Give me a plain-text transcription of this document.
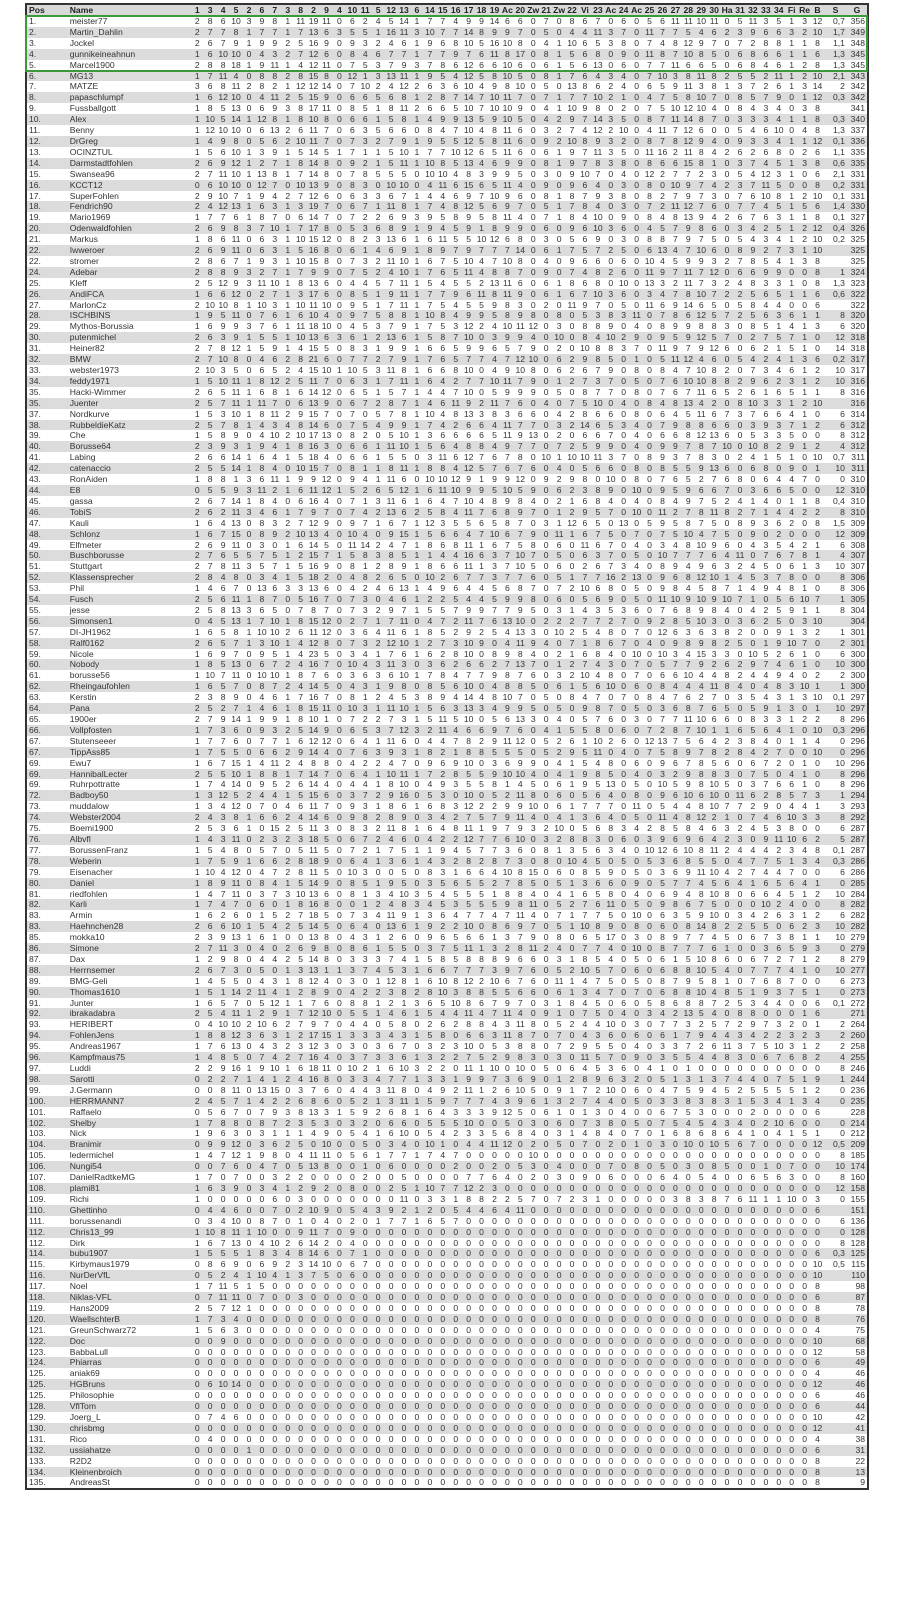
Pos	Name	1	3	4	5	2	6	7	3	8	2	9	4	10	11	5	12	13	6	14	15	16	17	18	19	Ac	20	Zw	21	Zw	22	Vi	23	Ac	24	Ac	25	26	27	28	29	30	Ha	31	32	33	34	Fi	Re	B	S	G
1.	meister77	2	8	6	10	3	9	8	1	11	19	11	0	6	2	4	5	14	1	7	7	4	9	9	14	6	6	0	7	0	8	6	7	0	6	0	5	6	11	11	10	11	0	5	11	3	5	1	3	12	0,7	356
2.	Martin_Dahlin	2	7	7	8	1	7	7	1	7	13	6	3	5	5	1	16	11	3	10	7	7	14	8	9	9	7	0	5	0	4	4	11	3	7	0	11	7	7	5	4	6	2	3	9	6	6	3	2	10	1,7	349
3.	Jockel	2	6	7	9	1	9	9	2	5	16	9	0	9	3	2	4	6	1	9	6	8	10	5	16	10	8	0	4	1	10	6	5	3	8	0	7	4	8	12	9	7	0	7	2	8	8	1	1	8	1,1	348
4.	gunnikeineahnun	1	6	10	10	0	4	3	2	7	12	6	0	8	4	6	7	7	1	7	7	9	7	6	11	8	17	0	8	1	5	6	8	0	9	0	11	8	7	10	8	5	0	6	8	6	6	1	1	6	1,3	345
5.	Marcel1900	2	8	8	18	1	9	11	1	4	12	11	0	7	5	3	7	9	3	7	8	6	12	6	6	10	6	0	6	1	5	6	13	0	6	0	7	7	11	6	6	5	0	6	8	4	6	1	2	8	1,3	345
6.	MG13	1	7	11	4	0	8	8	2	8	15	8	0	12	1	3	13	11	1	9	5	4	12	5	8	10	5	0	8	1	7	6	4	3	4	0	7	10	3	8	11	8	2	5	5	2	11	1	2	10	2,1	343
7.	MATZE	3	6	8	11	2	8	2	1	12	12	14	0	7	10	2	4	12	2	6	3	6	10	4	9	8	10	0	5	0	13	8	6	2	4	0	6	5	9	11	3	8	1	3	7	2	6	1	3	14	2	342
8.	papaschlumpf	1	6	12	10	0	4	11	2	5	15	9	0	6	6	5	6	8	1	2	8	7	14	7	10	11	7	0	7	1	7	7	10	2	1	0	4	7	5	8	10	7	0	8	5	7	9	0	1	12	0,3	342
9.	Fussballgott	1	8	5	13	0	6	9	3	8	17	11	0	8	5	1	8	11	2	6	6	5	10	7	10	10	9	0	4	1	10	9	8	0	2	0	7	5	10	12	10	4	0	8	4	3	4	0	3	8		341
10.	Alex	1	10	5	14	1	12	8	1	8	10	8	0	6	6	1	5	8	1	4	9	9	13	5	9	10	5	0	4	2	9	7	14	3	5	0	8	7	11	14	8	7	0	3	3	3	4	1	1	8	0,3	340
11.	Benny	1	12	10	10	0	6	13	2	6	11	7	0	6	3	5	6	6	0	8	4	7	10	4	8	11	6	0	3	2	7	4	12	2	10	0	4	11	7	12	6	0	0	5	4	6	10	0	4	8	1,3	337
12.	DrGreg	1	4	9	8	0	5	6	2	10	11	7	0	7	3	2	7	9	1	9	5	5	12	5	8	11	6	0	9	2	10	8	9	3	2	0	8	7	8	12	9	4	0	9	3	3	4	1	1	12	0,1	336
13.	OCINZTUL	1	5	6	10	1	3	9	1	5	14	5	1	7	1	1	5	10	1	7	7	10	12	6	5	11	6	0	6	1	9	7	11	3	5	0	11	16	2	11	8	4	2	6	2	6	8	0	2	6	1,1	335
14.	Darmstadtfohlen	2	6	9	12	1	2	7	1	8	14	8	0	9	2	1	5	11	1	10	8	5	13	4	6	9	9	0	8	1	9	7	8	3	8	0	8	6	6	15	8	1	0	3	7	4	5	1	3	8	0,6	335
15.	Swansea96	2	7	11	10	1	13	8	1	7	14	8	0	7	8	5	5	5	0	10	10	4	8	3	9	9	5	0	3	0	9	10	7	0	4	0	12	2	7	7	2	3	0	5	4	12	3	1	0	6	2,1	331
16.	KCCT12	0	6	10	10	0	12	7	0	10	13	9	0	8	3	0	10	10	0	4	11	6	15	6	5	11	4	0	9	0	9	6	4	0	3	0	8	0	10	9	7	4	2	3	7	11	5	0	0	8	0,2	331
17.	SuperFohlen	2	9	10	7	1	9	4	2	7	12	6	0	6	3	3	6	7	1	4	4	6	9	7	10	9	6	0	8	1	8	7	9	3	8	0	8	2	7	9	7	3	0	7	6	10	8	1	2	10	0,1	331
18.	Fendrich90	2	4	12	13	1	6	3	1	3	19	7	0	6	7	1	11	8	1	7	4	8	12	5	6	9	7	0	5	1	7	8	4	0	3	0	7	2	11	12	7	6	0	7	7	4	5	1	5	6	1,4	330
19.	Mario1969	1	7	7	6	1	8	7	0	6	14	7	0	7	2	2	6	9	3	9	5	8	9	5	8	11	4	0	7	1	8	4	10	0	9	0	8	4	8	13	9	4	2	6	7	6	3	1	1	8	0,1	327
20.	Odenwaldfohlen	2	6	9	8	3	7	10	1	7	17	8	0	5	3	6	8	9	1	9	4	5	9	1	8	9	9	0	6	0	9	6	10	3	6	0	4	5	7	9	8	6	0	3	4	2	5	1	2	12	0,4	326
21.	Markus	1	8	6	11	0	6	3	1	10	15	12	0	8	2	3	13	6	1	6	11	5	5	10	12	6	8	0	3	0	5	6	9	0	3	0	8	8	7	9	7	5	0	5	4	3	4	1	2	10	0,2	325
22.	Iwweroer	2	6	9	11	0	6	3	1	5	16	8	0	6	1	4	6	9	1	8	9	7	9	7	7	7	14	0	6	1	7	5	7	2	5	0	6	13	4	7	10	6	0	8	9	2	7	3	1	10		325
22.	stromer	2	8	6	7	1	9	3	1	10	15	8	0	7	3	2	11	10	1	6	7	5	10	4	7	10	8	0	4	0	9	6	6	0	6	0	10	4	5	9	9	3	2	7	8	5	4	1	3	8		325
24.	Adebar	2	8	8	9	3	2	7	1	7	9	9	0	7	5	2	4	10	1	7	6	5	11	4	8	8	7	0	9	0	7	4	8	2	6	0	11	9	7	11	7	12	0	6	6	9	9	0	0	8	1	324
25.	Kleff	2	5	12	9	3	11	10	1	8	13	6	0	4	4	5	7	11	1	5	4	5	5	2	13	11	6	0	6	1	8	6	8	0	10	0	13	3	2	11	7	3	2	4	8	3	3	1	0	8	1,3	323
26.	AndiFCA	1	6	6	12	0	2	7	1	3	17	6	0	8	5	1	9	11	1	7	7	9	6	11	8	11	9	0	6	1	6	7	10	3	6	0	3	4	7	8	10	7	2	2	5	6	5	1	1	6	0,6	322
27.	MarlonCz	2	10	10	8	1	10	3	1	10	11	10	0	9	5	1	7	11	1	7	5	4	5	5	9	8	3	0	2	0	11	9	7	0	5	0	11	6	9	14	6	5	0	5	8	4	4	0	0	6		322
28.	ISCHBINS	1	9	5	11	0	7	6	1	6	10	4	0	9	7	5	8	8	1	10	8	4	9	9	5	8	9	8	0	8	0	5	3	8	3	11	0	7	8	6	12	5	7	2	5	6	3	6	1	1	8	320
29.	Mythos-Borussia	1	6	9	9	3	7	6	1	11	18	10	0	4	5	3	7	9	1	7	5	3	12	2	4	10	11	12	0	3	0	8	8	9	0	4	0	8	9	9	8	8	3	0	8	5	1	4	1	3	6	320
30.	putenmichel	2	6	3	9	1	5	5	1	10	13	6	3	6	1	2	13	6	1	5	8	7	10	0	3	9	9	4	0	10	0	8	4	10	2	9	0	9	5	9	12	5	7	0	2	7	5	7	1	0	12	318
31.	Heiner82	2	7	8	12	1	5	9	1	4	15	5	0	8	3	1	9	9	1	6	6	5	9	9	6	5	7	9	0	2	0	10	8	8	3	7	0	11	9	7	9	12	6	0	6	2	1	5	1	0	14	318
32.	BMW	2	7	10	8	0	4	6	2	8	21	6	0	7	7	2	7	9	1	7	6	5	7	7	4	7	12	10	0	6	2	9	8	5	0	1	0	5	11	12	4	6	0	5	4	2	4	1	3	6	0,2	317
33.	webster1973	2	10	3	5	0	6	5	2	4	15	10	1	10	5	3	11	8	1	6	6	8	10	0	4	9	10	8	0	6	2	6	7	9	0	8	0	8	4	7	10	8	2	0	7	3	4	6	1	2	10	317
34.	feddy1971	1	5	10	11	1	8	12	2	5	11	7	0	6	3	1	7	11	1	6	4	2	7	7	10	11	7	9	0	1	2	7	3	7	0	5	0	7	6	10	10	8	8	2	9	6	2	3	1	2	10	316
35.	Hacki-Wimmer	2	6	5	11	1	6	8	1	6	14	12	0	6	5	1	5	7	1	4	4	7	10	0	5	9	9	9	0	5	0	8	7	7	0	8	0	7	6	7	11	6	5	2	6	1	6	5	1	1	8	316
35.	Juenter	2	5	7	11	1	11	7	0	6	13	9	0	6	7	2	8	7	1	4	6	11	9	2	11	7	6	0	4	0	7	5	10	0	4	0	8	4	8	13	4	2	0	8	10	3	3	1	2	10		316
37.	Nordkurve	1	5	3	10	1	8	11	2	9	15	7	0	7	0	5	7	8	1	10	4	8	13	3	8	3	6	6	0	4	2	8	6	6	0	8	0	6	4	5	11	6	7	3	7	6	6	4	1	0	6	314
38.	RubbeldieKatz	2	5	7	8	1	4	3	4	8	14	6	0	7	5	4	9	9	1	7	4	2	6	6	4	11	7	7	0	3	2	14	6	5	3	4	0	7	9	8	8	6	6	0	3	9	3	7	1	2	6	312
39.	Che	1	5	8	9	0	4	10	2	10	17	13	0	8	2	0	5	10	1	3	6	6	6	6	5	11	9	13	0	2	0	6	6	7	0	4	0	6	6	8	12	13	6	0	5	3	3	5	0	0	8	312
40.	Borusse64	2	3	9	3	1	9	4	1	8	16	3	0	6	6	1	11	10	1	5	6	4	8	8	4	9	7	7	0	7	2	5	9	9	0	4	0	9	9	7	8	7	10	0	10	8	2	9	1	2	4	312
41.	Labing	2	6	6	14	1	6	4	1	5	18	4	0	6	6	1	5	5	0	3	11	6	12	7	6	7	8	0	10	1	10	10	11	3	7	0	8	9	3	7	8	3	0	2	4	1	5	1	0	10	0,7	311
42.	catenaccio	2	5	5	14	1	8	4	0	10	15	7	0	8	1	1	8	11	1	8	8	4	12	5	7	6	7	6	0	4	0	5	6	6	0	8	0	8	5	5	9	13	6	0	6	8	0	9	0	1	10	311
43.	RonAiden	1	8	8	1	3	6	11	1	9	9	12	0	9	4	1	11	6	0	10	10	12	9	1	9	9	12	0	9	2	9	8	0	10	0	8	0	7	6	5	2	7	6	8	0	6	4	4	7	0	0	310
44.	E8	0	5	5	9	3	11	2	1	6	11	12	1	5	2	6	5	12	1	6	11	10	9	9	5	10	5	9	0	6	2	3	8	9	0	10	0	9	5	9	6	6	7	0	3	6	6	5	0	0	12	310
45.	gassa	2	6	7	14	1	8	4	0	6	16	4	0	7	1	3	11	6	1	6	4	7	10	4	8	9	8	4	0	2	1	6	8	4	0	4	0	8	4	9	7	5	2	4	1	4	0	1	1	8	0,4	310
46.	TobiS	2	6	2	11	3	4	6	1	7	9	7	0	7	4	2	13	6	2	5	8	4	11	7	6	8	9	7	0	1	2	9	5	7	0	10	0	11	2	7	8	11	8	2	7	1	4	4	2	2	8	310
47.	Kauli	1	6	4	13	0	8	3	2	7	12	9	0	9	7	1	6	7	1	12	3	5	5	6	5	8	7	0	3	1	12	6	5	0	13	0	5	9	5	8	7	5	0	8	9	3	6	2	0	8	1,5	309
48.	Schlonz	1	6	7	15	0	8	9	2	10	13	4	0	10	4	0	9	15	1	5	6	6	4	7	10	6	7	9	0	11	1	6	7	5	0	7	0	7	5	10	4	7	5	0	9	0	2	0	0	0	12	309
49.	Elfmeter	2	6	9	11	0	3	0	1	6	14	5	0	11	14	2	4	7	1	8	6	8	11	1	6	7	5	8	0	6	0	11	6	7	0	4	0	3	4	8	10	9	6	0	4	3	5	4	2	1	6	308
50.	Buschborusse	2	7	6	5	5	7	5	1	2	15	7	1	5	8	3	8	5	1	1	4	4	16	6	3	7	10	7	0	5	0	6	3	7	0	5	0	10	7	7	7	6	4	11	0	7	6	7	8	1	4	307
51.	Stuttgart	2	7	8	11	3	5	7	1	5	16	9	0	8	1	2	8	9	1	8	6	6	11	1	3	7	10	5	0	6	0	2	6	7	3	4	0	8	9	4	9	6	3	2	4	5	0	6	1	3	10	307
52.	Klassensprecher	2	8	4	8	0	3	4	1	5	18	2	0	4	8	2	6	5	0	10	2	6	7	7	3	7	7	6	0	5	1	7	7	16	2	13	0	9	6	8	12	10	1	4	5	3	7	8	0	0	8	306
53.	Phil	1	4	6	7	0	13	6	3	3	13	6	0	4	2	4	6	13	1	4	9	6	4	4	5	6	8	7	0	7	2	10	6	8	0	5	0	9	8	4	5	8	7	1	4	9	4	8	1	0	8	306
54.	Fusch	2	5	6	11	1	8	7	0	5	16	7	0	7	3	0	4	6	1	2	2	5	4	4	5	9	9	8	0	6	0	5	6	9	0	5	0	11	10	9	10	9	10	7	1	0	5	6	10	7	1	305
55.	jesse	2	5	8	13	3	6	5	0	7	8	7	0	7	3	2	9	7	1	5	5	7	9	9	7	7	9	5	0	3	1	4	3	5	3	6	0	7	6	8	9	8	4	0	4	2	5	9	1	1	8	304
56.	Simonsen1	0	4	5	13	1	7	10	1	8	15	12	0	2	7	1	7	11	0	4	7	2	11	7	6	13	10	0	2	2	2	7	7	2	7	0	9	2	8	5	10	3	0	3	6	2	5	0	3	10		304
57.	DI-JH1962	1	6	5	8	1	10	10	2	6	11	12	0	3	6	4	11	6	1	8	5	2	9	2	5	4	13	3	0	10	2	5	4	8	0	7	0	12	6	3	6	3	8	2	0	0	9	1	3	2	1	301
58.	Ralf0162	2	6	5	7	1	3	10	1	4	12	8	0	7	3	2	12	10	1	2	7	3	10	9	0	4	11	9	4	0	7	1	8	6	7	0	4	0	9	8	9	8	2	5	0	1	9	10	7	0	2	301
59.	Nicole	1	6	9	7	0	9	5	1	4	23	5	0	3	4	1	7	6	1	6	2	8	10	0	8	9	8	4	0	2	1	6	8	4	0	10	0	10	3	4	15	3	3	0	10	5	2	6	1	0	6	300
60.	Nobody	1	8	5	13	0	6	7	2	4	16	7	0	10	4	3	11	3	0	3	6	2	6	6	2	7	13	7	0	1	2	7	4	3	0	7	0	5	7	7	9	2	6	2	9	7	4	6	1	0	10	300
61.	borusse56	1	10	7	11	0	10	10	1	8	7	6	0	3	6	3	6	10	1	7	8	4	7	7	9	8	7	6	0	3	2	10	4	8	0	7	0	6	6	10	4	4	8	2	4	4	9	4	0	2	2	300
62.	Rheingaufohlen	1	6	5	7	0	8	7	2	4	14	5	0	4	3	1	9	8	0	8	5	6	10	0	4	8	8	5	0	6	1	5	6	10	0	6	0	8	4	4	4	11	8	4	0	4	8	3	10	1	1	300
63.	Kerstin	2	3	8	9	0	4	6	1	7	16	7	0	8	1	2	4	5	3	8	9	4	14	4	8	10	7	0	5	0	8	4	7	0	7	0	8	4	7	6	2	7	0	3	5	4	3	1	3	10	0,1	297
64.	Pana	2	5	2	7	1	4	6	1	8	15	11	0	10	3	1	11	10	1	5	6	3	13	3	4	9	9	5	0	5	0	9	8	7	0	5	0	3	6	8	7	6	5	0	5	9	1	3	0	1	10	297
65.	1900er	2	7	9	14	1	9	9	1	8	10	1	0	7	2	2	7	3	1	5	11	5	10	0	5	6	13	3	0	4	0	5	7	6	0	3	0	7	7	11	10	6	6	0	8	3	3	1	2	2	8	296
66.	Vollpfosten	1	7	3	6	0	9	3	2	5	14	9	0	6	5	3	7	12	3	2	11	4	6	6	9	7	6	0	4	1	5	5	8	0	6	0	7	2	8	7	10	1	1	6	5	6	4	1	0	10	0,3	296
67.	Stutenseeer	1	7	7	6	0	7	7	1	6	12	12	0	6	4	1	11	6	0	4	4	7	8	2	9	11	12	0	5	2	6	1	10	2	6	0	12	13	7	5	6	4	2	3	8	4	0	1	1	4	0	296
67.	TippAss85	1	7	5	5	0	6	6	2	9	14	4	0	7	6	3	9	3	1	8	2	1	8	8	5	5	5	0	5	2	9	5	11	0	4	0	7	5	8	9	7	8	2	8	4	2	7	0	0	10	0	296
69.	Ewu7	1	6	7	15	1	4	11	2	4	8	8	0	4	2	2	4	7	0	9	6	9	10	0	3	6	9	9	0	4	1	5	4	8	0	6	0	9	6	7	8	5	6	0	6	7	2	0	1	0	10	296
69.	HannibalLecter	2	5	5	10	1	8	8	1	7	14	7	0	6	4	1	10	11	1	7	2	8	5	5	9	10	10	4	0	4	1	9	8	5	0	4	0	3	2	9	8	8	3	0	7	5	0	4	1	0	8	296
69.	Ruhrpottratte	1	7	4	14	0	9	5	2	6	14	4	0	4	4	1	8	10	0	4	9	3	5	5	8	1	4	5	0	6	1	9	5	13	0	5	0	10	5	9	8	10	5	0	3	7	6	6	1	0	8	296
72.	Badboy50	1	3	12	5	2	4	4	1	5	15	6	0	3	7	2	9	16	0	5	3	0	10	0	5	2	11	8	0	6	0	5	6	4	0	8	0	9	6	10	6	10	0	11	6	2	8	5	7	3	1	294
73.	muddalow	1	3	4	12	0	7	0	4	6	11	7	0	9	3	1	8	6	1	6	8	3	12	2	2	9	9	10	0	6	1	7	7	7	0	11	0	5	4	4	8	10	7	7	2	9	0	4	4	1	3	293
74.	Webster2004	2	4	3	8	1	6	6	2	4	14	6	0	9	8	2	8	9	0	3	4	2	7	5	7	9	11	4	0	4	1	3	6	4	0	5	0	11	4	8	12	2	1	0	7	4	6	10	3	3	8	292
75.	Boemi1900	2	5	3	6	1	0	15	2	5	11	3	0	8	3	2	11	8	1	6	4	8	11	1	9	7	9	3	2	10	0	5	6	8	3	4	2	8	5	8	4	6	3	2	4	5	3	8	0	0	6	287
76.	Albvfl	1	4	3	11	0	2	3	2	3	18	5	0	6	7	2	4	6	0	4	2	2	12	7	7	6	10	0	3	2	8	8	3	0	6	0	3	9	6	9	6	4	2	3	0	9	11	10	6	2	5	287
77.	BorussenFranz	1	5	4	8	0	5	7	0	5	11	5	0	7	2	1	7	5	1	1	9	4	5	7	7	3	6	0	8	1	3	5	6	3	4	0	10	12	6	10	8	11	2	4	4	4	2	3	4	8	0,1	287
78.	Weberin	1	7	5	9	1	6	6	2	8	18	9	0	6	4	1	3	6	1	4	3	2	8	2	8	7	3	0	8	0	10	4	5	0	5	0	5	3	6	8	5	5	0	4	7	7	5	1	3	4	0,3	286
79.	Eisenacher	1	10	4	12	0	4	7	2	8	11	5	0	10	3	0	0	5	0	8	3	1	6	6	4	10	8	15	0	6	0	8	5	9	0	5	0	3	6	9	11	10	4	2	7	4	4	7	0	0	6	286
80.	Daniel	1	8	9	11	0	8	4	1	5	14	9	0	8	5	1	9	5	0	3	5	6	5	5	2	7	8	5	0	5	1	3	6	6	0	9	0	5	7	7	4	5	6	4	1	6	5	6	4	1	0	285
81.	riedfohlen	1	4	7	11	0	3	7	3	10	13	6	0	8	1	3	4	10	3	5	4	5	5	5	1	8	8	4	0	4	1	6	5	8	0	4	0	6	9	4	8	10	8	0	6	6	4	5	1	2	10	284
82.	Karli	1	7	4	7	0	6	0	1	8	16	8	0	0	1	2	4	8	3	4	5	3	5	5	5	9	8	11	0	5	2	7	6	11	0	5	0	9	8	6	7	5	0	0	0	10	2	4	0	0	8	282
83.	Armin	1	6	2	6	0	1	5	2	7	18	5	0	7	3	4	11	9	1	3	6	4	7	7	4	7	11	4	0	7	1	7	7	5	0	10	0	6	3	5	9	10	0	3	4	2	6	3	1	2	6	282
83.	Haehnchen28	2	6	6	10	1	5	4	2	5	14	5	0	6	4	0	13	6	1	9	2	2	10	0	8	6	9	7	0	5	1	10	8	9	0	8	0	6	0	8	14	8	2	2	5	5	0	6	2	3	10	282
85.	mokka10	2	3	9	13	1	6	1	0	0	13	8	0	4	3	1	2	6	0	9	6	5	6	6	1	3	7	9	0	8	0	6	5	17	0	3	0	8	9	7	7	4	5	0	6	7	3	8	1	1	10	279
86.	Simone	2	7	11	3	0	4	0	2	6	9	8	0	8	6	1	5	5	0	3	7	5	11	1	3	2	8	11	2	4	0	7	7	4	0	10	0	8	7	7	7	6	1	0	0	3	6	5	9	3	0	279
87.	Dax	1	2	9	8	0	4	4	2	5	14	8	0	3	3	3	7	4	1	5	8	5	8	8	8	9	6	6	0	3	1	8	5	4	0	5	0	6	1	5	10	8	6	0	6	7	2	7	1	2	8	279
88.	Herrnsemer	2	6	7	3	0	5	0	1	3	13	1	1	3	7	4	5	3	1	6	6	7	7	7	3	9	7	6	0	5	2	10	5	7	0	6	0	6	8	8	10	5	4	0	7	7	7	4	1	0	10	277
89.	BMG-Geli	1	4	5	5	0	4	3	1	8	12	4	0	3	0	1	12	8	1	6	10	8	12	2	10	6	7	6	0	11	1	4	7	5	0	5	0	8	7	9	5	8	1	0	7	6	8	7	0	0	6	273
90.	Thomas1610	1	5	1	14	2	11	4	1	2	8	9	0	4	2	2	3	8	2	8	10	3	8	8	5	5	6	6	0	6	1	3	4	7	0	7	0	6	8	8	10	4	8	5	1	9	3	7	5	1	0	273
91.	Junter	1	6	5	7	0	5	12	1	1	7	6	0	8	8	1	2	1	3	6	5	10	8	6	7	9	7	0	3	1	8	4	5	0	6	0	5	8	6	8	8	7	2	5	3	4	4	0	0	6	0,1	272
92.	ibrakadabra	2	5	4	11	1	2	9	1	7	12	10	0	5	5	1	4	6	1	5	4	4	11	4	7	11	4	0	9	1	0	7	5	0	4	0	3	4	2	13	5	4	0	8	8	0	0	0	1	6		271
93.	HERIBERT	0	4	10	10	2	10	6	2	7	9	7	0	4	4	0	5	8	0	2	6	2	8	8	4	3	11	8	0	5	2	4	4	10	0	3	0	7	7	3	2	5	7	2	9	7	3	2	0	1	2	264
94.	FohlenJens	1	8	8	12	3	6	3	1	2	17	15	1	3	3	3	4	3	1	5	8	0	6	6	3	11	8	7	0	7	0	4	3	6	0	6	0	6	1	7	9	4	4	3	4	2	2	3	2	3	2	260
95.	Andreas1967	1	7	6	13	0	4	3	2	3	12	3	0	3	0	3	6	7	0	3	2	3	10	0	5	3	8	8	0	7	2	9	5	5	0	4	0	3	3	7	2	6	11	3	7	5	10	3	1	2	2	258
96.	Kampfmaus75	1	4	8	5	0	7	4	2	7	16	4	0	3	7	3	3	6	1	3	2	2	7	5	2	9	8	3	0	3	0	11	5	7	0	9	0	3	5	5	4	4	8	3	0	6	7	6	8	2	4	255
97.	Luddi	2	2	9	16	1	9	10	1	6	18	11	0	10	2	1	6	10	3	2	2	0	11	1	10	0	10	0	5	0	6	4	5	3	6	0	4	1	0	1	0	0	0	0	0	0	0	0	0	0	8	246
98.	Sarotti	0	2	2	7	1	4	1	2	4	16	8	0	3	3	4	7	7	1	3	3	1	9	9	7	3	6	9	0	1	2	8	9	6	3	2	0	5	1	3	1	3	7	4	4	0	7	5	1	9	1	244
99.	J.Germann	0	0	8	11	0	13	15	0	3	7	6	0	4	4	3	11	8	0	4	9	2	11	1	2	6	10	5	0	9	1	7	2	10	0	6	0	4	7	5	9	4	5	2	5	5	5	5	1	2	0	236
100.	HERRMANN7	2	4	5	7	1	4	2	2	6	8	6	0	5	2	1	3	11	1	5	9	7	7	7	4	3	9	6	1	3	2	7	4	4	0	5	0	3	3	8	3	8	3	1	5	3	4	1	3	4	0	235
101.	Raffaelo	0	5	6	7	0	7	9	3	8	13	3	1	5	9	2	6	8	1	6	4	3	3	3	9	12	5	0	6	1	0	1	3	0	4	0	0	6	7	5	3	0	0	0	2	0	0	0	0	6		228
102.	Shelby	1	7	8	8	0	8	7	2	3	5	3	0	3	2	0	6	6	0	5	5	5	10	0	0	5	0	3	0	6	0	7	3	8	0	5	0	7	5	4	5	4	3	4	0	2	10	6	0	0	0	214
103.	Nick	1	9	6	3	0	3	1	1	1	4	9	0	5	4	1	6	10	0	5	4	2	3	3	5	6	8	4	0	3	1	4	8	4	0	7	0	1	6	8	6	8	6	4	1	0	4	1	5	1	0	212
104.	Branimir	0	9	9	12	0	3	6	2	5	0	10	0	0	5	0	3	4	0	10	1	0	4	4	11	12	0	2	0	5	0	7	0	2	0	1	0	3	0	10	0	10	5	6	7	0	0	0	0	12	0,5	209
105.	ledermichel	1	4	7	12	1	9	8	0	4	11	11	0	5	6	1	7	7	1	7	4	7	0	0	0	0	0	10	0	0	0	0	0	0	0	0	0	0	0	0	0	0	0	0	0	0	0	0	0	0	8	185
106.	Nungi54	0	0	7	6	0	4	7	0	5	13	8	0	0	1	0	6	0	0	0	0	2	0	0	2	0	5	3	0	4	0	0	0	7	0	8	0	5	0	3	0	8	5	0	0	1	0	7	0	0	10	174
107.	DanielRadtkeMG	1	7	0	7	0	0	3	2	2	0	0	0	0	2	0	0	5	0	0	0	0	7	7	6	4	0	2	0	3	0	9	0	6	0	0	0	6	4	0	5	4	0	0	6	5	6	3	0	0	8	160
108.	plami81	1	6	3	9	0	3	4	1	2	9	2	0	8	0	0	2	5	1	10	7	7	12	2	3	0	0	0	0	0	0	0	0	0	0	0	0	0	0	0	0	0	0	0	0	0	0	0	0	0	12	158
109.	Richi	1	0	0	0	0	0	6	0	3	0	0	0	0	0	0	0	11	0	3	3	1	8	8	2	2	5	7	0	7	2	3	1	0	0	0	0	0	3	8	3	8	7	6	11	1	1	10	0	3	0	155
110.	Ghettinho	0	4	4	6	0	0	7	0	2	10	9	0	5	4	3	9	2	1	2	0	5	4	4	6	4	11	0	0	0	0	0	0	0	0	0	0	0	0	0	0	0	0	0	0	0	0	0	0	6		151
111.	borussenandi	0	3	4	10	0	8	7	0	1	0	4	0	2	0	1	7	7	1	6	5	7	0	0	0	0	0	0	0	0	0	0	0	0	0	0	0	0	0	0	0	0	0	0	0	0	0	0	0	0	6	136
112.	Chris13_99	1	10	8	11	1	10	0	0	9	11	7	0	9	0	0	0	0	0	0	0	0	0	0	0	0	0	0	0	0	0	0	0	0	0	0	0	0	0	0	0	0	0	0	0	0	0	0	0	0	0	128
112.	Dirk	1	6	7	13	0	4	10	2	6	14	2	0	4	0	0	0	0	0	0	0	0	0	0	0	0	0	0	0	0	0	0	0	0	0	0	0	0	0	0	0	0	0	0	0	0	0	0	0	0	8	128
114.	bubu1907	1	5	5	5	1	8	3	4	8	14	6	0	7	1	0	0	0	0	0	0	0	0	0	0	0	0	0	0	0	0	0	0	0	0	0	0	0	0	0	0	0	0	0	0	0	0	0	0	6	0,3	125
115.	Kirbymaus1979	0	8	6	9	0	6	9	2	3	14	10	0	6	7	0	0	0	0	0	0	0	0	0	0	0	0	0	0	0	0	0	0	0	0	0	0	0	0	0	0	0	0	0	0	0	0	0	0	10	0,5	115
116.	NurDerVfL	0	5	2	4	1	10	4	1	3	7	5	0	6	0	0	0	0	0	0	0	0	0	0	0	0	0	0	0	0	0	0	0	0	0	0	0	0	0	0	0	0	0	0	0	0	0	0	0	10		110
117.	Noel	1	7	11	5	1	5	0	0	0	0	0	0	0	0	0	0	0	0	0	0	0	0	0	0	0	0	0	0	0	0	0	0	0	0	0	0	0	0	0	0	0	0	0	0	0	0	0	0	8		98
118.	Niklas-VFL	0	7	11	11	0	7	0	0	3	0	0	0	0	0	0	0	0	0	0	0	0	0	0	0	0	0	0	0	0	0	0	0	0	0	0	0	0	0	0	0	0	0	0	0	0	0	0	0	6		87
119.	Hans2009	2	5	7	12	1	0	0	0	0	0	0	0	0	0	0	0	0	0	0	0	0	0	0	0	0	0	0	0	0	0	0	0	0	0	0	0	0	0	0	0	0	0	0	0	0	0	0	0	8		78
120.	WaellschterB	1	7	3	4	0	0	0	0	0	0	0	0	0	0	0	0	0	0	0	0	0	0	0	0	0	0	0	0	0	0	0	0	0	0	0	0	0	0	0	0	0	0	0	0	0	0	0	0	8		76
121.	GreunSchwarz72	1	5	6	3	0	0	0	0	0	0	0	0	0	0	0	0	0	0	0	0	0	0	0	0	0	0	0	0	0	0	0	0	0	0	0	0	0	0	0	0	0	0	0	0	0	0	0	0	4		75
122.	Doc	0	0	9	0	0	0	0	0	0	0	0	0	0	0	0	0	0	0	0	0	0	0	0	0	0	0	0	0	0	0	0	0	0	0	0	0	0	0	0	0	0	0	0	0	0	0	0	0	10		68
123.	BabbaLull	0	0	0	0	0	0	0	0	0	0	0	0	0	0	0	0	0	0	0	0	0	0	0	0	0	0	0	0	0	0	0	0	0	0	0	0	0	0	0	0	0	0	0	0	0	0	0	0	12		58
124.	Phiarras	0	0	0	0	0	0	0	0	0	0	0	0	0	0	0	0	0	0	0	0	0	0	0	0	0	0	0	0	0	0	0	0	0	0	0	0	0	0	0	0	0	0	0	0	0	0	0	0	6		49
125.	aniak69	0	0	0	0	0	0	0	0	0	0	0	0	0	0	0	0	0	0	0	0	0	0	0	0	0	0	0	0	0	0	0	0	0	0	0	0	0	0	0	0	0	0	0	0	0	0	0	0	4		46
125.	HGBruns	0	6	10	14	0	0	0	0	0	0	0	0	0	0	0	0	0	0	0	0	0	0	0	0	0	0	0	0	0	0	0	0	0	0	0	0	0	0	0	0	0	0	0	0	0	0	0	0	12		46
125.	Philosophie	0	0	0	0	0	0	0	0	0	0	0	0	0	0	0	0	0	0	0	0	0	0	0	0	0	0	0	0	0	0	0	0	0	0	0	0	0	0	0	0	0	0	0	0	0	0	0	0	6		46
128.	VflTom	0	0	0	0	0	0	0	0	0	0	0	0	0	0	0	0	0	0	0	0	0	0	0	0	0	0	0	0	0	0	0	0	0	0	0	0	0	0	0	0	0	0	0	0	0	0	0	0	6		44
129.	Joerg_L	0	7	4	6	0	0	0	0	0	0	0	0	0	0	0	0	0	0	0	0	0	0	0	0	0	0	0	0	0	0	0	0	0	0	0	0	0	0	0	0	0	0	0	0	0	0	0	0	10		42
130.	chrisbmg	0	0	0	0	0	0	0	0	0	0	0	0	0	0	0	0	0	0	0	0	0	0	0	0	0	0	0	0	0	0	0	0	0	0	0	0	0	0	0	0	0	0	0	0	0	0	0	0	12		41
131.	Rico	0	4	0	0	0	0	0	0	0	0	0	0	0	0	0	0	0	0	0	0	0	0	0	0	0	0	0	0	0	0	0	0	0	0	0	0	0	0	0	0	0	0	0	0	0	0	0	0	4		38
132.	ussiahatze	0	0	0	0	1	0	0	0	0	0	0	0	0	0	0	0	0	0	0	0	0	0	0	0	0	0	0	0	0	0	0	0	0	0	0	0	0	0	0	0	0	0	0	0	0	0	0	0	6		31
133.	R2D2	0	0	0	0	0	0	0	0	0	0	0	0	0	0	0	0	0	0	0	0	0	0	0	0	0	0	0	0	0	0	0	0	0	0	0	0	0	0	0	0	0	0	0	0	0	0	0	0	8		22
134.	Kleinenbroich	0	0	0	0	0	0	0	0	0	0	0	0	0	0	0	0	0	0	0	0	0	0	0	0	0	0	0	0	0	0	0	0	0	0	0	0	0	0	0	0	0	0	0	0	0	0	0	0	8		13
135.	AndreasSt	0	0	0	0	0	0	0	0	0	0	0	0	0	0	0	0	0	0	0	0	0	0	0	0	0	0	0	0	0	0	0	0	0	0	0	0	0	0	0	0	0	0	0	0	0	0	0	0	8		9
